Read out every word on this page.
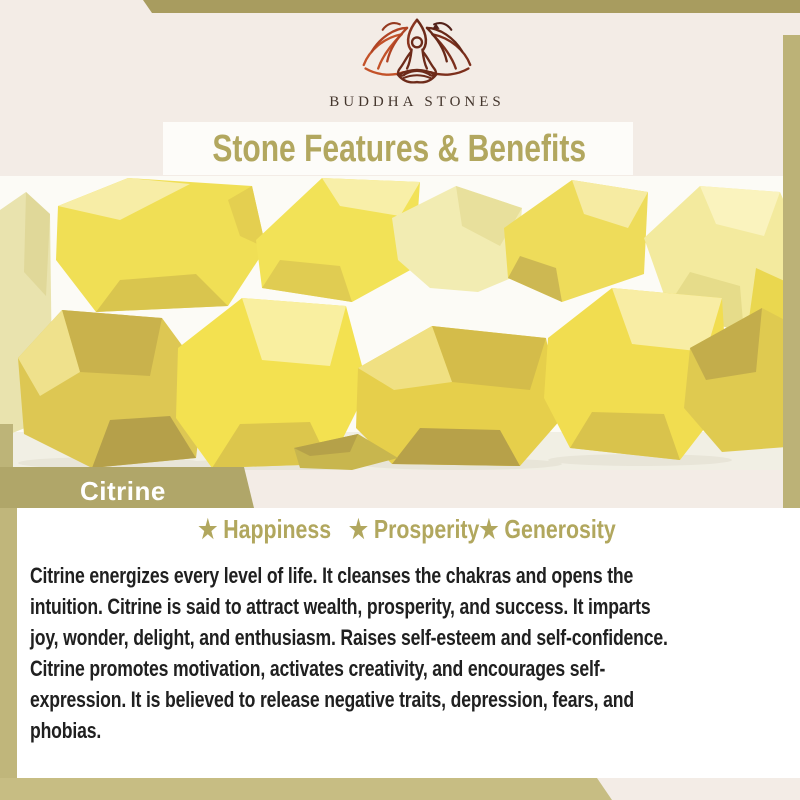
BUDDHA STONES
Stone Features & Benefits
Citrine
★ Happiness   ★ Prosperity★ Generosity
Citrine energizes every level of life. It cleanses the chakras and opens the
intuition. Citrine is said to attract wealth, prosperity, and success. It imparts
joy, wonder, delight, and enthusiasm. Raises self-esteem and self-confidence.
Citrine promotes motivation, activates creativity, and encourages self-
expression. It is believed to release negative traits, depression, fears, and
phobias.
